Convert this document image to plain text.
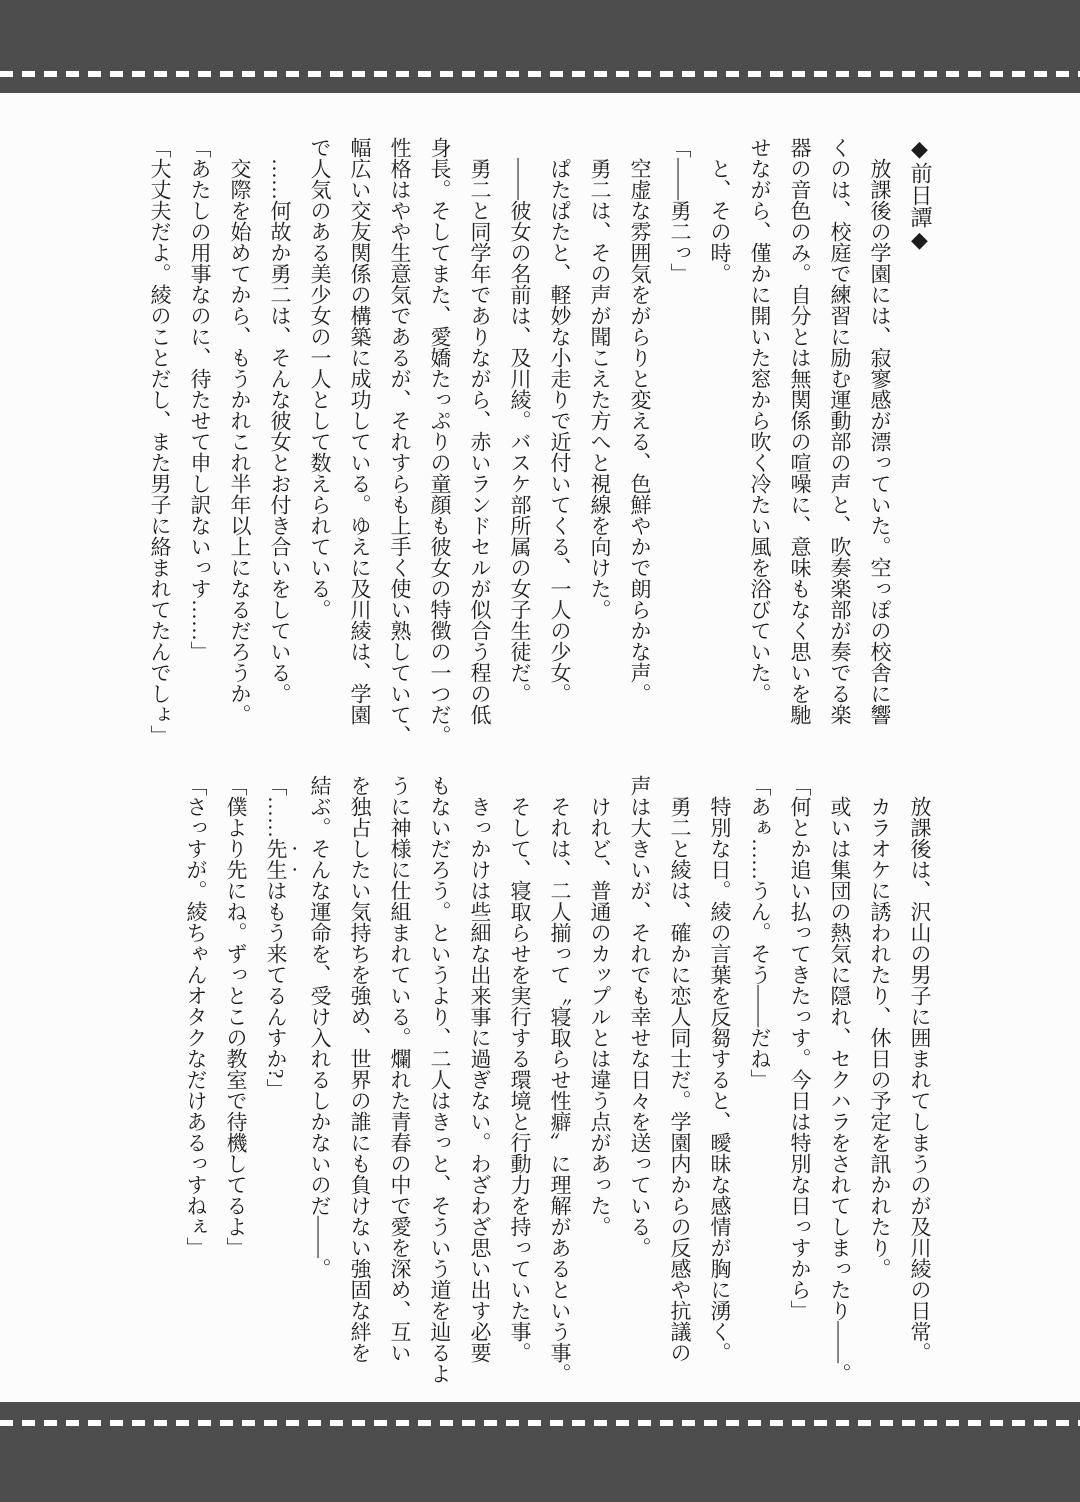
◆前日譚◆

放課後の学園には、寂寥感が漂っていた。空っぽの校舎に響

くのは、校庭で練習に励む運動部の声と、吹奏楽部が奏でる楽

器の音色のみ。自分とは無関係の喧噪に、意味もなく思いを馳

せながら、僅かに開いた窓から吹く冷たい風を浴びていた。

と、その時。

「――勇二っ」

空虚な雰囲気をがらりと変える、色鮮やかで朗らかな声。

勇二は、その声が聞こえた方へと視線を向けた。

ぱたぱたと、軽妙な小走りで近付いてくる、一人の少女。

――彼女の名前は、及川綾。バスケ部所属の女子生徒だ。

勇二と同学年でありながら、赤いランドセルが似合う程の低

身長。そしてまた、愛嬌たっぷりの童顔も彼女の特徴の一つだ。

性格はやや生意気であるが、それすらも上手く使い熟していて、

幅広い交友関係の構築に成功している。ゆえに及川綾は、学園

で人気のある美少女の一人として数えられている。

……何故か勇二は、そんな彼女とお付き合いをしている。

交際を始めてから、もうかれこれ半年以上になるだろうか。

「あたしの用事なのに、待たせて申し訳ないっす……」

「大丈夫だよ。綾のことだし、また男子に絡まれてたんでしょ」

放課後は、沢山の男子に囲まれてしまうのが及川綾の日常。

カラオケに誘われたり、休日の予定を訊かれたり。

或いは集団の熱気に隠れ、セクハラをされてしまったり――。

「何とか追い払ってきたっす。今日は特別な日っすから」

「あぁ……うん。そう――だね」

特別な日。綾の言葉を反芻すると、曖昧な感情が胸に湧く。

勇二と綾は、確かに恋人同士だ。学園内からの反感や抗議の

声は大きいが、それでも幸せな日々を送っている。

けれど、普通のカップルとは違う点があった。

それは、二人揃って〝寝取らせ性癖〟に理解があるという事。

そして、寝取らせを実行する環境と行動力を持っていた事。

きっかけは些細な出来事に過ぎない。わざわざ思い出す必要

もないだろう。というより、二人はきっと、そういう道を辿るよ

うに神様に仕組まれている。爛れた青春の中で愛を深め、互い

を独占したい気持ちを強め、世界の誰にも負けない強固な絆を

結ぶ。そんな運命を、受け入れるしかないのだ――。

「……先生はもう来てるんすか?」

「僕より先にね。ずっとこの教室で待機してるよ」

「さっすが。綾ちゃんオタクなだけあるっすねぇ」
